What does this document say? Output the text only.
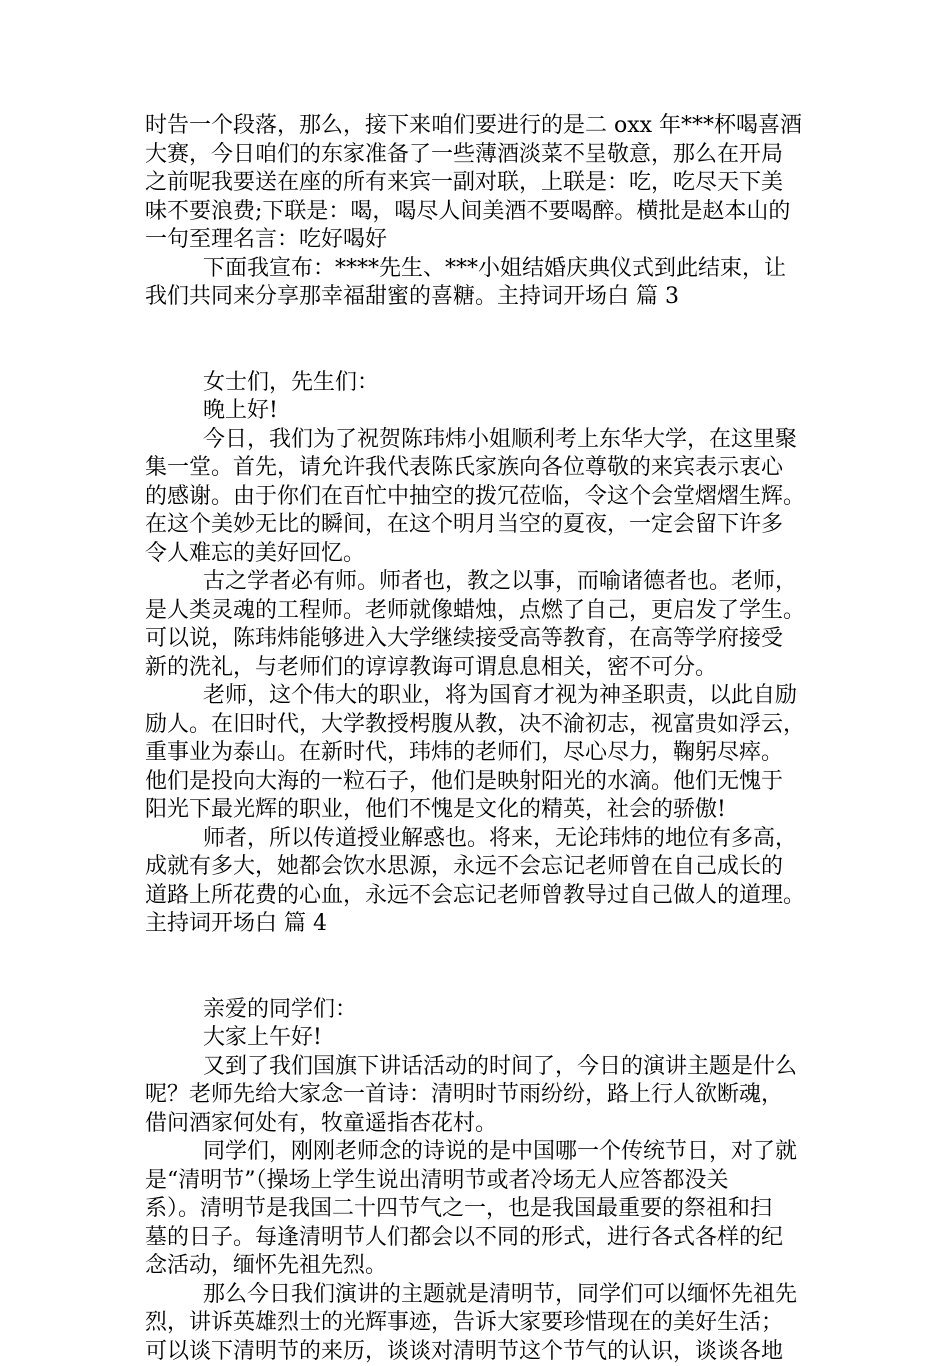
时告一个段落，那么，接下来咱们要进行的是二 oxx 年***杯喝喜酒
大赛，今日咱们的东家准备了一些薄酒淡菜不呈敬意，那么在开局
之前呢我要送在座的所有来宾一副对联，上联是：吃，吃尽天下美
味不要浪费;下联是：喝，喝尽人间美酒不要喝醉。横批是赵本山的
一句至理名言：吃好喝好
下面我宣布：****先生、***小姐结婚庆典仪式到此结束，让
我们共同来分享那幸福甜蜜的喜糖。主持词开场白 篇 3
女士们，先生们：
晚上好!
今日，我们为了祝贺陈玮炜小姐顺利考上东华大学，在这里聚
集一堂。首先，请允许我代表陈氏家族向各位尊敬的来宾表示衷心
的感谢。由于你们在百忙中抽空的拨冗莅临，令这个会堂熠熠生辉。
在这个美妙无比的瞬间，在这个明月当空的夏夜，一定会留下许多
令人难忘的美好回忆。
古之学者必有师。师者也，教之以事，而喻诸德者也。老师，
是人类灵魂的工程师。老师就像蜡烛，点燃了自己，更启发了学生。
可以说，陈玮炜能够进入大学继续接受高等教育，在高等学府接受
新的洗礼，与老师们的谆谆教诲可谓息息相关，密不可分。
老师，这个伟大的职业，将为国育才视为神圣职责，以此自励
励人。在旧时代，大学教授枵腹从教，决不渝初志，视富贵如浮云，
重事业为泰山。在新时代，玮炜的老师们，尽心尽力，鞠躬尽瘁。
他们是投向大海的一粒石子，他们是映射阳光的水滴。他们无愧于
阳光下最光辉的职业，他们不愧是文化的精英，社会的骄傲!
师者，所以传道授业解惑也。将来，无论玮炜的地位有多高，
成就有多大，她都会饮水思源，永远不会忘记老师曾在自己成长的
道路上所花费的心血，永远不会忘记老师曾教导过自己做人的道理。
主持词开场白 篇 4
亲爱的同学们：
大家上午好!
又到了我们国旗下讲话活动的时间了，今日的演讲主题是什么
呢？老师先给大家念一首诗：清明时节雨纷纷，路上行人欲断魂，
借问酒家何处有，牧童遥指杏花村。
同学们，刚刚老师念的诗说的是中国哪一个传统节日，对了就
是“清明节”（操场上学生说出清明节或者冷场无人应答都没关
系）。清明节是我国二十四节气之一，也是我国最重要的祭祖和扫
墓的日子。每逢清明节人们都会以不同的形式，进行各式各样的纪
念活动，缅怀先祖先烈。
那么今日我们演讲的主题就是清明节，同学们可以缅怀先祖先
烈，讲诉英雄烈士的光辉事迹，告诉大家要珍惜现在的美好生活；
可以谈下清明节的来历，谈谈对清明节这个节气的认识，谈谈各地
